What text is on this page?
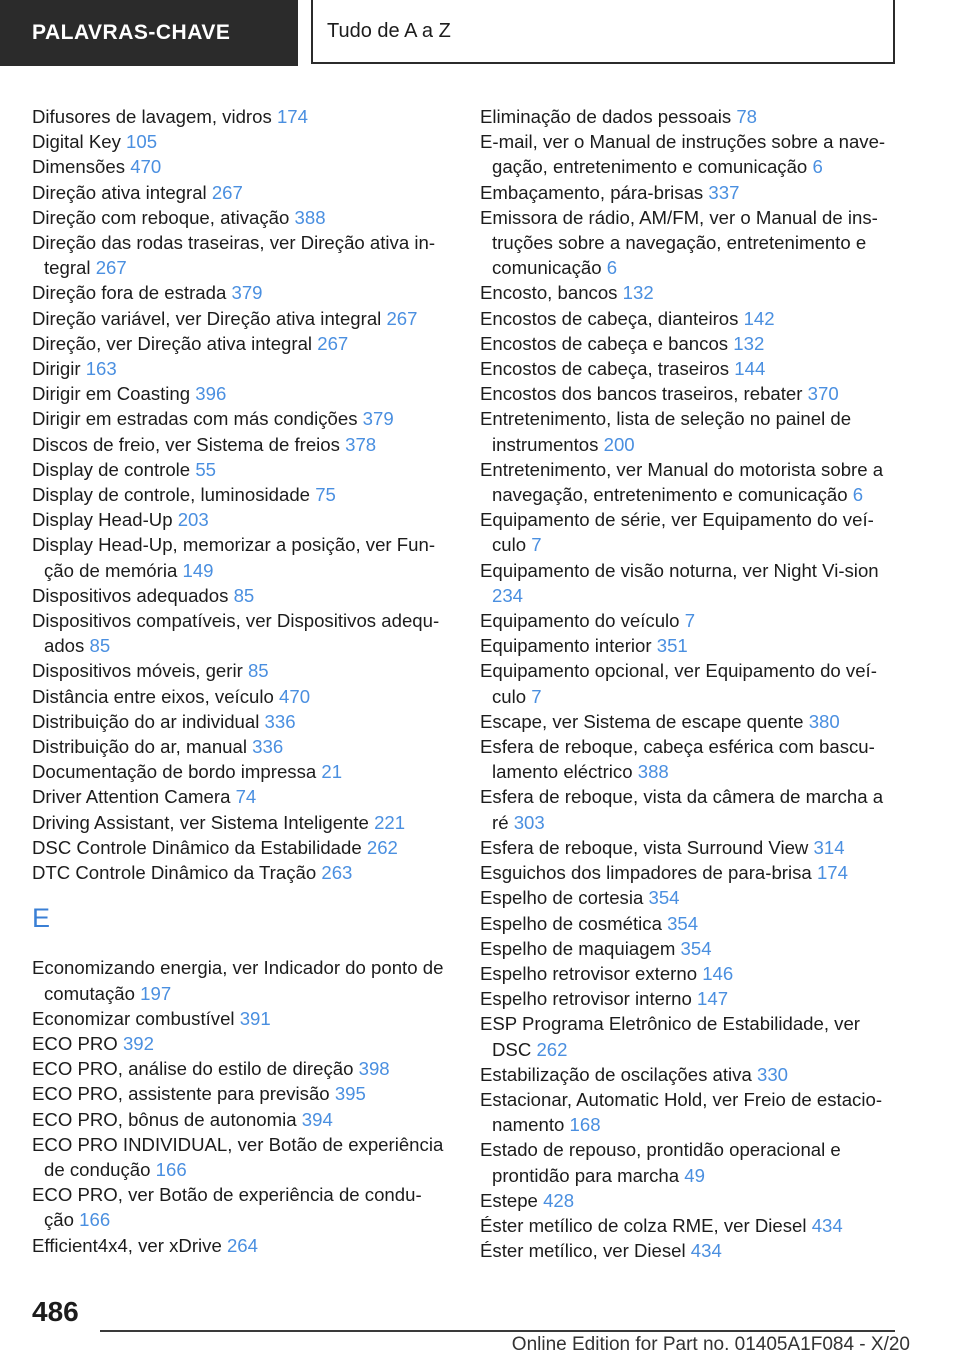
PALAVRAS-CHAVE	Tudo de A a Z
Difusores de lavagem, vidros 174
Digital Key 105
Dimensões 470
Direção ativa integral 267
Direção com reboque, ativação 388
Direção das rodas traseiras, ver Direção ativa in-tegral 267
Direção fora de estrada 379
Direção variável, ver Direção ativa integral 267
Direção, ver Direção ativa integral 267
Dirigir 163
Dirigir em Coasting 396
Dirigir em estradas com más condições 379
Discos de freio, ver Sistema de freios 378
Display de controle 55
Display de controle, luminosidade 75
Display Head-Up 203
Display Head-Up, memorizar a posição, ver Fun-ção de memória 149
Dispositivos adequados 85
Dispositivos compatíveis, ver Dispositivos adequ-ados 85
Dispositivos móveis, gerir 85
Distância entre eixos, veículo 470
Distribuição do ar individual 336
Distribuição do ar, manual 336
Documentação de bordo impressa 21
Driver Attention Camera 74
Driving Assistant, ver Sistema Inteligente 221
DSC Controle Dinâmico da Estabilidade 262
DTC Controle Dinâmico da Tração 263
E
Economizando energia, ver Indicador do ponto de comutação 197
Economizar combustível 391
ECO PRO 392
ECO PRO, análise do estilo de direção 398
ECO PRO, assistente para previsão 395
ECO PRO, bônus de autonomia 394
ECO PRO INDIVIDUAL, ver Botão de experiência de condução 166
ECO PRO, ver Botão de experiência de condu-ção 166
Efficient4x4, ver xDrive 264
Eliminação de dados pessoais 78
E-mail, ver o Manual de instruções sobre a nave-gação, entretenimento e comunicação 6
Embaçamento, pára-brisas 337
Emissora de rádio, AM/FM, ver o Manual de ins-truções sobre a navegação, entretenimento e comunicação 6
Encosto, bancos 132
Encostos de cabeça, dianteiros 142
Encostos de cabeça e bancos 132
Encostos de cabeça, traseiros 144
Encostos dos bancos traseiros, rebater 370
Entretenimento, lista de seleção no painel de instrumentos 200
Entretenimento, ver Manual do motorista sobre a navegação, entretenimento e comunicação 6
Equipamento de série, ver Equipamento do veí-culo 7
Equipamento de visão noturna, ver Night Vi-sion 234
Equipamento do veículo 7
Equipamento interior 351
Equipamento opcional, ver Equipamento do veí-culo 7
Escape, ver Sistema de escape quente 380
Esfera de reboque, cabeça esférica com bascu-lamento eléctrico 388
Esfera de reboque, vista da câmera de marcha a ré 303
Esfera de reboque, vista Surround View 314
Esguichos dos limpadores de para-brisa 174
Espelho de cortesia 354
Espelho de cosmética 354
Espelho de maquiagem 354
Espelho retrovisor externo 146
Espelho retrovisor interno 147
ESP Programa Eletrônico de Estabilidade, ver DSC 262
Estabilização de oscilações ativa 330
Estacionar, Automatic Hold, ver Freio de estacio-namento 168
Estado de repouso, prontidão operacional e prontidão para marcha 49
Estepe 428
Éster metílico de colza RME, ver Diesel 434
Éster metílico, ver Diesel 434
486
Online Edition for Part no. 01405A1F084 - X/20
